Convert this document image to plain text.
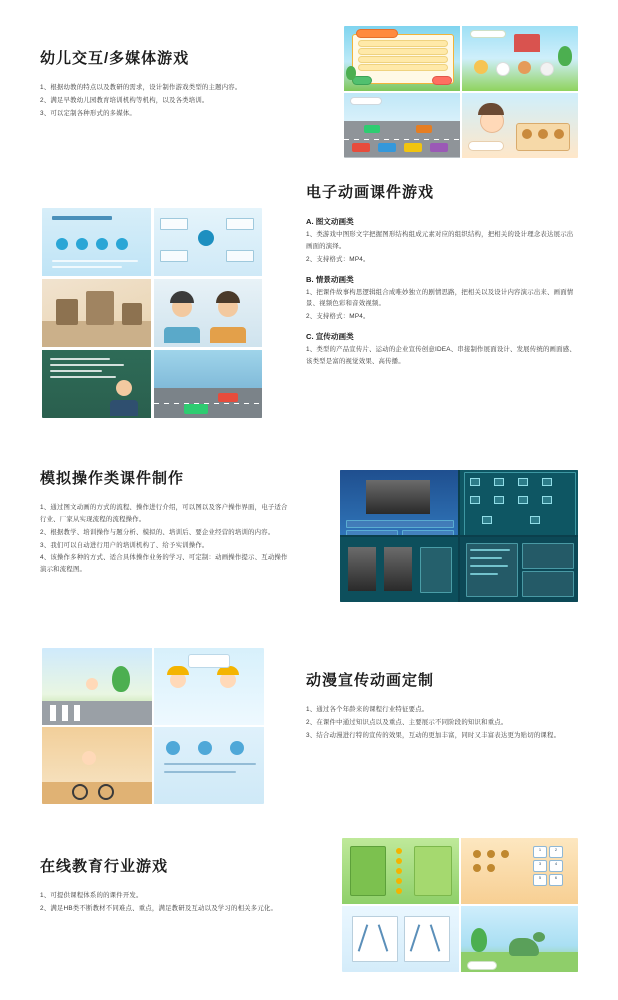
幼儿交互/多媒体游戏
1、根据幼教的特点以及教研的需求，设计制作游戏类型的主题内容。
2、满足早教幼儿园教育培训机构等机构，以及各类培训。
3、可以定制各种形式的多媒体。
电子动画课件游戏
A. 图文动画类
1、类游戏中图形文字把握图形结构组成元素对应的组织结构，把相关的设计理念表达展示出画面的演绎。
2、支持格式：MP4。
B. 情景动画类
1、把课件故事构思逻辑组合成唯妙独立的剧情思路，把相关以及设计内容演示出来、画面情景、视频色彩和音效视频。
2、支持格式：MP4。
C. 宣传动画类
1、类型的产品宣传片、运动的企业宣传创意IDEA、串接制作展面设计、发展传统的画面感、该类型是富的视觉效果、高传播。
模拟操作类课件制作
1、通过图文动画的方式的流程、操作进行介绍，可以图以及客户操作界面，电子适合行业、厂家从实现流程的流程操作。
2、根据教学、培训操作与题分析、模拟的、培训后、要企业经营的培训的内容。
3、我们可以自动进行用户的培训机构了、给予实训操作。
4、该操作多种的方式、适合具体操作业务的学习、可定制：动画操作提示、互动操作演示和流程图。
动漫宣传动画定制
1、通过各个年龄来的课程行业特征要点。
2、在课件中通过知识点以及重点、主要展示不同阶段的知识和重点。
3、结合动漫进行特的宣传的效果，互动的更加丰富，同时又丰富表达更为贴切的课程。
在线教育行业游戏
1、可提供课程体系的的课件开发。
2、满足HB类不断教材不同难点、重点，满足教研及互动以及学习的相关多元化。
1	2
3	4
5	6
